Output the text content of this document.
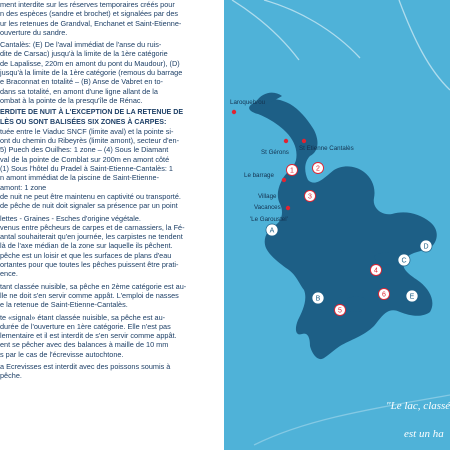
ment interdite sur les réserves temporaires créés pour

n des espèces (sandre et brochet) et signalées par des

ur les retenues de Grandval, Enchanet et Saint-Etienne-

ouverture du sandre.

Cantalès: (E) De l'aval immédiat de l'anse du ruis-

dite de Carsac) jusqu'à la limite de la 1ère catégorie

de Lapalisse, 220m en amont du pont du Maudour), (D)

jusqu'à la limite de la 1ère catégorie (remous du barrage

e Braconnat en totalité – (B) Anse de Vabret en to-

dans sa totalité, en amont d'une ligne allant de la

ombat à la pointe de la presqu'île de Rénac.

ERDITE DE NUIT À L'EXCEPTION DE LA RETENUE DE

LÈS OU SONT BALISÉES SIX ZONES À CARPES:

tuée entre le Viaduc SNCF (limite aval) et la pointe si-

ont du chemin du Ribeyrès (limite amont), secteur d'en-

5) Puech des Ouilhes: 1 zone – (4) Sous le Diamant

val de la pointe de Comblat sur 200m en amont côté

(1) Sous l'hôtel du Pradel à Saint-Etienne-Cantalès: 1

n amont immédiat de la piscine de Saint-Etienne-

amont: 1 zone

de nuit ne peut être maintenu en captivité ou transporté.

de pêche de nuit doit signaler sa présence par un point

lettes - Graines - Esches d'origine végétale.

venus entre pêcheurs de carpes et de carnassiers, la Fé-

antal souhaiterait qu'en journée, les carpistes ne tendent

là de l'axe médian de la zone sur laquelle ils pêchent.

pêche est un loisir et que les surfaces de plans d'eau

ortantes pour que toutes les pêches puissent être prati-

ence.

tant classée nuisible, sa pêche en 2ème catégorie est au-

lle ne doit s'en servir comme appât. L'emploi de nasses

e la retenue de Saint-Etienne-Cantalès.

te «signal» étant classée nuisible, sa pêche est au-

durée de l'ouverture en 1ère catégorie. Elle n'est pas

lementaire et il est interdit de s'en servir comme appât.

ent se pêcher avec des balances à maille de 10 mm

s par le cas de l'écrevisse autochtone.

a Ecrevisses est interdit avec des poissons soumis à

pêche.

A
B
C
D
E
1	2
3
4
5
6
Laroquebrou
St Gérons
St Etienne Cantalès
Le barrage
Village
Vacances
'Le Garoustel'
"Le lac, classé
est un ha
